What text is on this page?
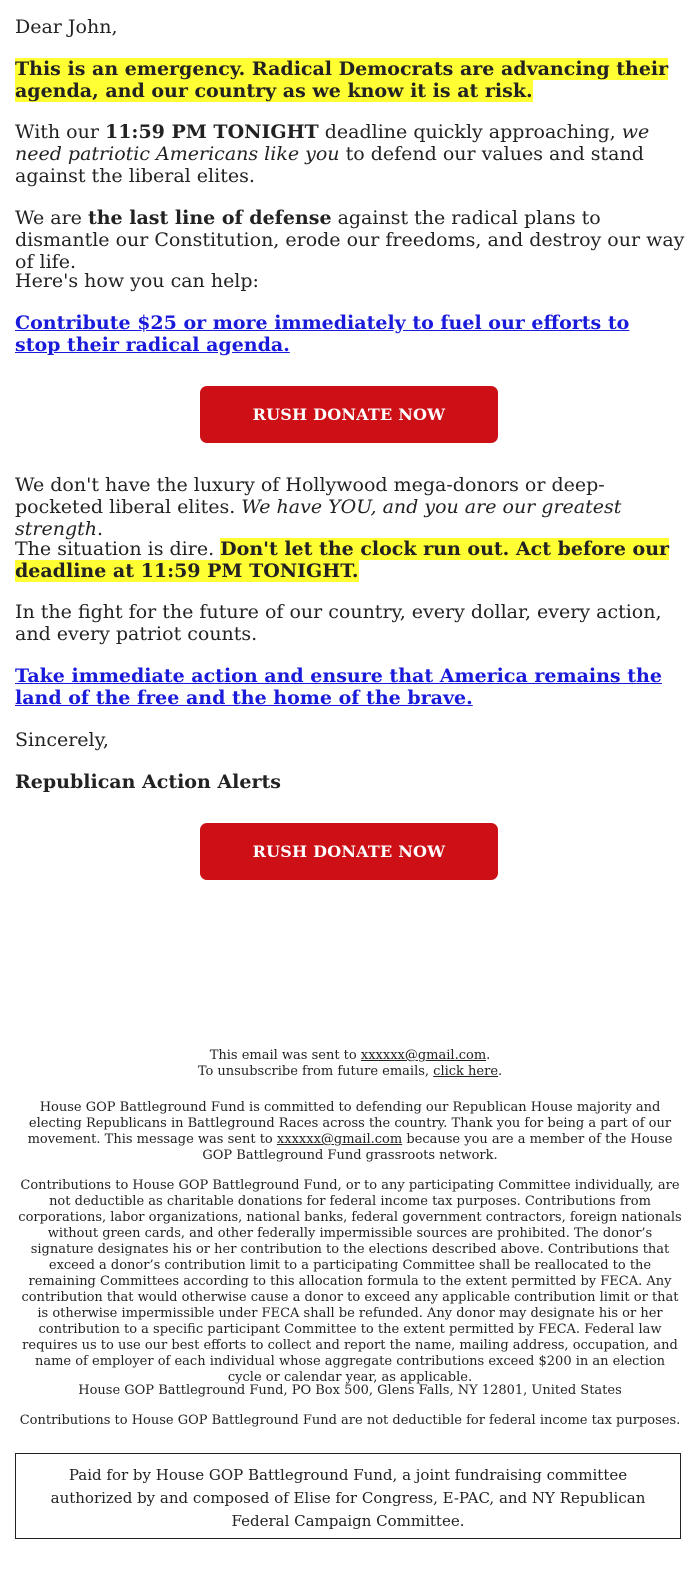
Dear John,

This is an emergency. Radical Democrats are advancing their agenda, and our country as we know it is at risk.

With our 11:59 PM TONIGHT deadline quickly approaching, we need patriotic Americans like you to defend our values and stand against the liberal elites.

We are the last line of defense against the radical plans to dismantle our Constitution, erode our freedoms, and destroy our way of life.

Here's how you can help:

Contribute $25 or more immediately to fuel our efforts to stop their radical agenda.

RUSH DONATE NOW

We don't have the luxury of Hollywood mega-donors or deep-pocketed liberal elites. We have YOU, and you are our greatest strength.

The situation is dire. Don't let the clock run out. Act before our deadline at 11:59 PM TONIGHT.

In the fight for the future of our country, every dollar, every action, and every patriot counts.

Take immediate action and ensure that America remains the land of the free and the home of the brave.

Sincerely,

Republican Action Alerts

RUSH DONATE NOW
This email was sent to xxxxxx@gmail.com.
To unsubscribe from future emails, click here.
House GOP Battleground Fund is committed to defending our Republican House majority and electing Republicans in Battleground Races across the country. Thank you for being a part of our movement. This message was sent to xxxxxx@gmail.com because you are a member of the House GOP Battleground Fund grassroots network.
Contributions to House GOP Battleground Fund, or to any participating Committee individually, are not deductible as charitable donations for federal income tax purposes. Contributions from corporations, labor organizations, national banks, federal government contractors, foreign nationals without green cards, and other federally impermissible sources are prohibited. The donor’s signature designates his or her contribution to the elections described above. Contributions that exceed a donor’s contribution limit to a participating Committee shall be reallocated to the remaining Committees according to this allocation formula to the extent permitted by FECA. Any contribution that would otherwise cause a donor to exceed any applicable contribution limit or that is otherwise impermissible under FECA shall be refunded. Any donor may designate his or her contribution to a specific participant Committee to the extent permitted by FECA. Federal law requires us to use our best efforts to collect and report the name, mailing address, occupation, and name of employer of each individual whose aggregate contributions exceed $200 in an election cycle or calendar year, as applicable.
House GOP Battleground Fund, PO Box 500, Glens Falls, NY 12801, United States
Contributions to House GOP Battleground Fund are not deductible for federal income tax purposes.
Paid for by House GOP Battleground Fund, a joint fundraising committee authorized by and composed of Elise for Congress, E-PAC, and NY Republican Federal Campaign Committee.
